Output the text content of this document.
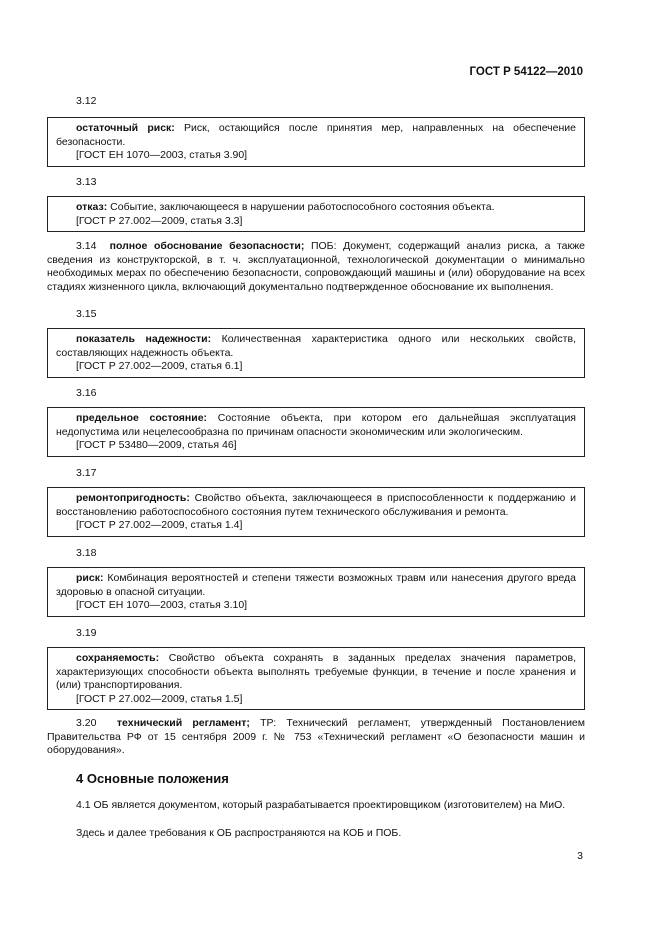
ГОСТ Р 54122—2010
3.12

остаточный риск: Риск, остающийся после принятия мер, направленных на обеспечение безопасности.

[ГОСТ ЕН 1070—2003, статья 3.90]

3.13

отказ: Событие, заключающееся в нарушении работоспособного состояния объекта.

[ГОСТ Р 27.002—2009, статья 3.3]

3.14 полное обоснование безопасности; ПОБ: Документ, содержащий анализ риска, а также сведения из конструкторской, в т. ч. эксплуатационной, технологической документации о минимально необходимых мерах по обеспечению безопасности, сопровождающий машины и (или) оборудование на всех стадиях жизненного цикла, включающий документально подтвержденное обоснование их выполнения.

3.15

показатель надежности: Количественная характеристика одного или нескольких свойств, составляющих надежность объекта.

[ГОСТ Р 27.002—2009, статья 6.1]

3.16

предельное состояние: Состояние объекта, при котором его дальнейшая эксплуатация недопустима или нецелесообразна по причинам опасности экономическим или экологическим.

[ГОСТ Р 53480—2009, статья 46]

3.17

ремонтопригодность: Свойство объекта, заключающееся в приспособленности к поддержанию и восстановлению работоспособного состояния путем технического обслуживания и ремонта.

[ГОСТ Р 27.002—2009, статья 1.4]

3.18

риск: Комбинация вероятностей и степени тяжести возможных травм или нанесения другого вреда здоровью в опасной ситуации.

[ГОСТ ЕН 1070—2003, статья 3.10]

3.19

сохраняемость: Свойство объекта сохранять в заданных пределах значения параметров, характеризующих способности объекта выполнять требуемые функции, в течение и после хранения и (или) транспортирования.

[ГОСТ Р 27.002—2009, статья 1.5]

3.20 технический регламент; ТР: Технический регламент, утвержденный Постановлением Правительства РФ от 15 сентября 2009 г. № 753 «Технический регламент «О безопасности машин и оборудования».

4 Основные положения

4.1 ОБ является документом, который разрабатывается проектировщиком (изготовителем) на МиО.

Здесь и далее требования к ОБ распространяются на КОБ и ПОБ.

3
